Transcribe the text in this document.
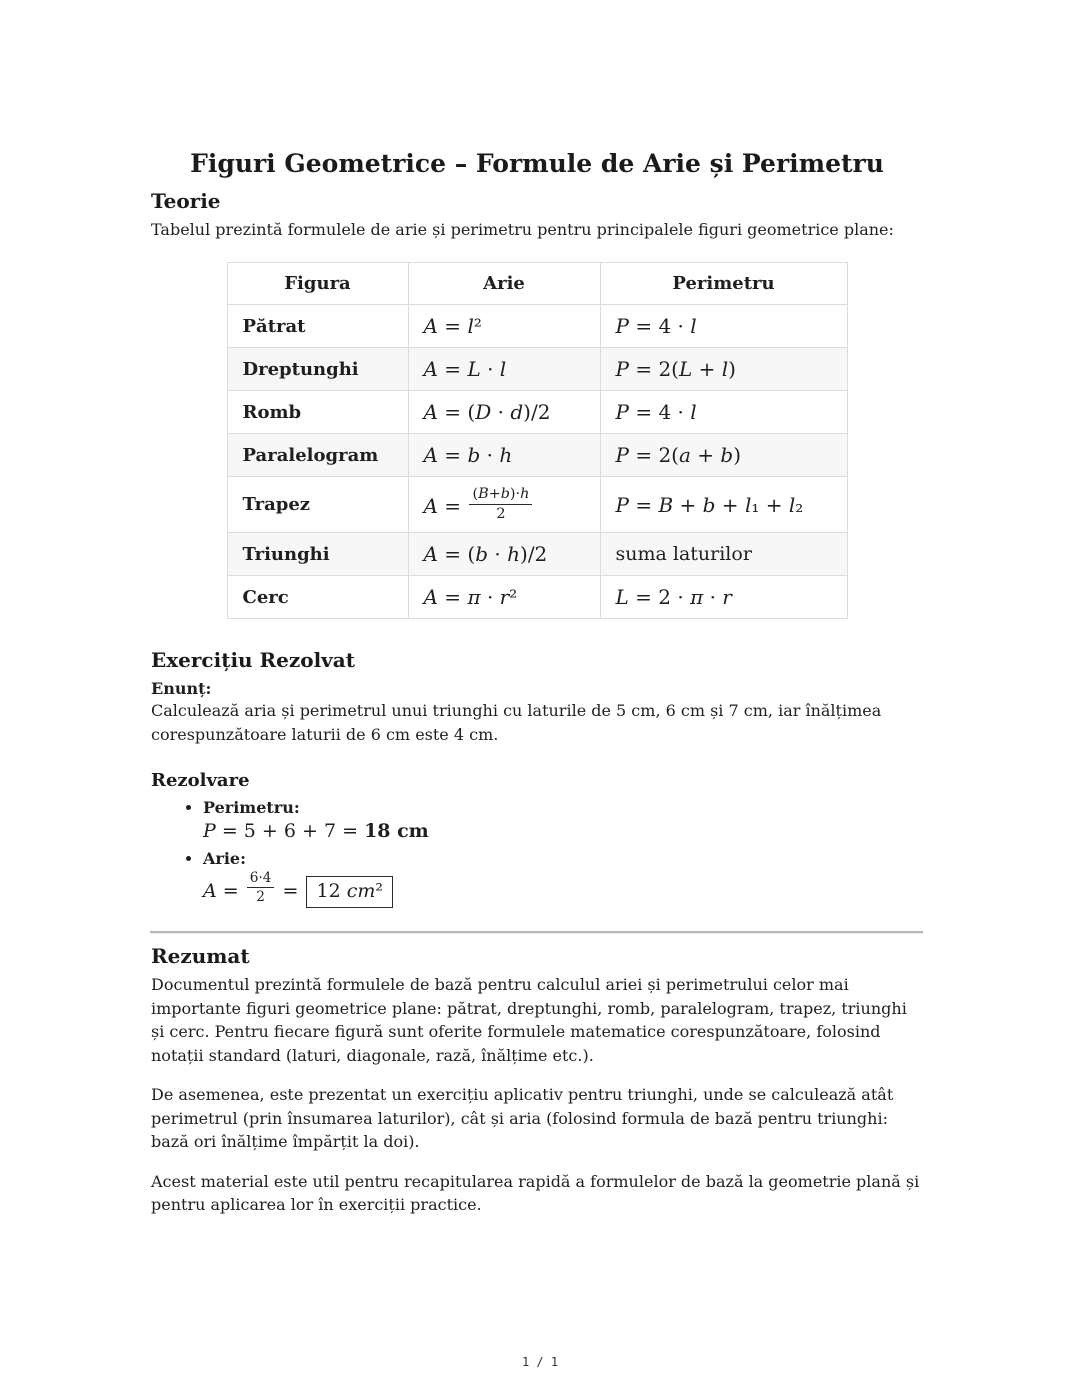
Figuri Geometrice – Formule de Arie și Perimetru
Teorie

Tabelul prezintă formulele de arie și perimetru pentru principalele figuri geometrice plane:

Figura	Arie	Perimetru
Pătrat	A = l²	P = 4 · l
Dreptunghi	A = L · l	P = 2(L + l)
Romb	A = (D · d)/2	P = 4 · l
Paralelogram	A = b · h	P = 2(a + b)
Trapez	$A = \frac{(B+b)\cdot h}{2}$	P = B + b + l₁ + l₂
Triunghi	A = (b · h)/2	suma laturilor
Cerc	A = π · r²	L = 2 · π · r
Exercițiu Rezolvat

Enunț:

Calculează aria și perimetrul unui triunghi cu laturile de 5 cm, 6 cm și 7 cm, iar înălțimea corespunzătoare laturii de 6 cm este 4 cm.

Rezolvare
• Perimetru:
P = 5 + 6 + 7 = 18 cm
• Arie:
$A = \frac{6\cdot 4}{2} = 12$ cm²
Rezumat

Documentul prezintă formulele de bază pentru calculul ariei și perimetrului celor mai importante figuri geometrice plane: pătrat, dreptunghi, romb, paralelogram, trapez, triunghi și cerc. Pentru fiecare figură sunt oferite formulele matematice corespunzătoare, folosind notații standard (laturi, diagonale, rază, înălțime etc.).

De asemenea, este prezentat un exercițiu aplicativ pentru triunghi, unde se calculează atât perimetrul (prin însumarea laturilor), cât și aria (folosind formula de bază pentru triunghi: bază ori înălțime împărțit la doi).

Acest material este util pentru recapitularea rapidă a formulelor de bază la geometrie plană și pentru aplicarea lor în exerciții practice.

1 / 1
